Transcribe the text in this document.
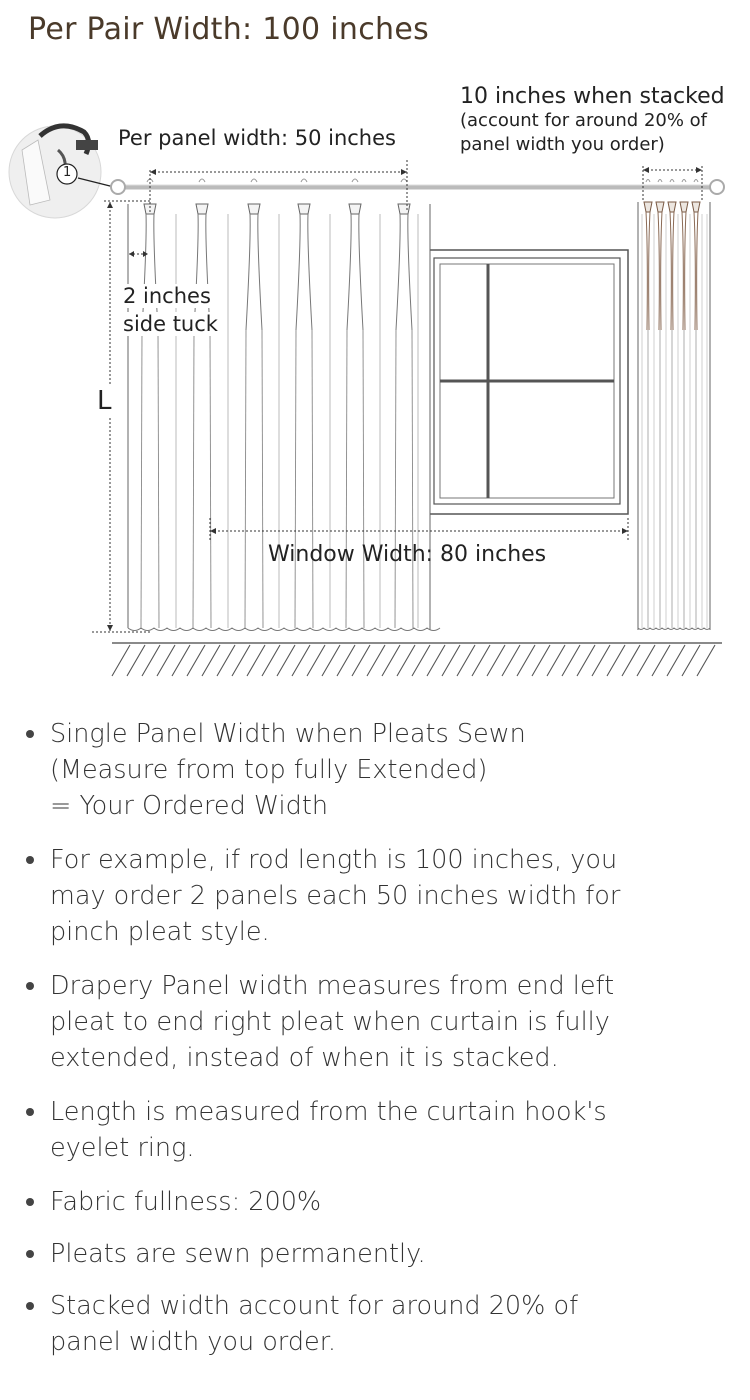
Per Pair Width: 100 inches
10 inches when stacked
(account for around 20% of
panel width you order)
Per panel width: 50 inches
2 inches
side tuck
L
Window Width: 80 inches
1
Single Panel Width when Pleats Sewn
(Measure from top fully Extended)
= Your Ordered Width
For example, if rod length is 100 inches, you
may order 2 panels each 50 inches width for
pinch pleat style.
Drapery Panel width measures from end left
pleat to end right pleat when curtain is fully
extended, instead of when it is stacked.
Length is measured from the curtain hook's
eyelet ring.
Fabric fullness: 200%
Pleats are sewn permanently.
Stacked width account for around 20% of
panel width you order.
